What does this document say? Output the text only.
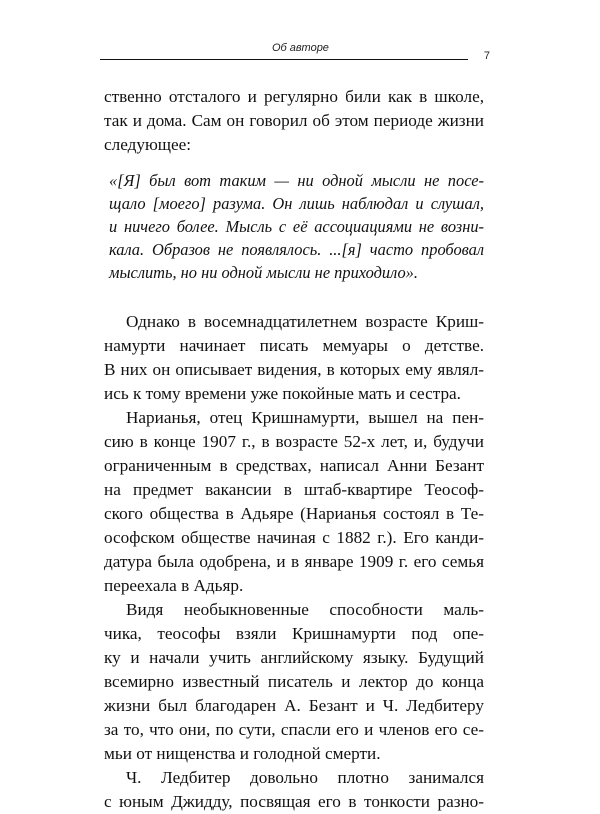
Об авторе
7
ственно отсталого и регулярно били как в школе,
так и дома. Сам он говорил об этом периоде жизни
следующее:
«[Я] был вот таким — ни одной мысли не посе-
щало [моего] разума. Он лишь наблюдал и слушал,
и ничего более. Мысль с её ассоциациями не возни-
кала. Образов не появлялось. ...[я] часто пробовал
мыслить, но ни одной мысли не приходило».
Однако в восемнадцатилетнем возрасте Криш-
намурти начинает писать мемуары о детстве.
В них он описывает видения, в которых ему являл-
ись к тому времени уже покойные мать и сестра.
Нарианья, отец Кришнамурти, вышел на пен-
сию в конце 1907 г., в возрасте 52-х лет, и, будучи
ограниченным в средствах, написал Анни Безант
на предмет вакансии в штаб-квартире Теософ-
ского общества в Адьяре (Нарианья состоял в Те-
ософском обществе начиная с 1882 г.). Его канди-
датура была одобрена, и в январе 1909 г. его семья
переехала в Адьяр.
Видя необыкновенные способности маль-
чика, теософы взяли Кришнамурти под опе-
ку и начали учить английскому языку. Будущий
всемирно известный писатель и лектор до конца
жизни был благодарен А. Безант и Ч. Ледбитеру
за то, что они, по сути, спасли его и членов его се-
мьи от нищенства и голодной смерти.
Ч. Ледбитер довольно плотно занимался
с юным Джидду, посвящая его в тонкости разно-
